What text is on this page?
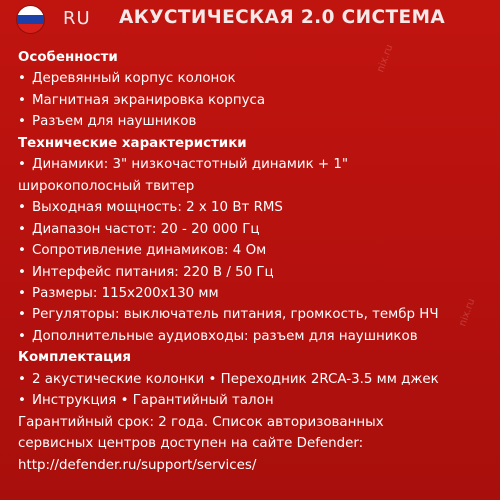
RU АКУСТИЧЕСКАЯ 2.0 СИСТЕМА
nix.ru
nix.ru
Особенности
• Деревянный корпус колонок
• Магнитная экранировка корпуса
• Разъем для наушников
Технические характеристики
• Динамики: 3" низкочастотный динамик + 1"
широкополосный твитер
• Выходная мощность: 2 х 10 Вт RMS
• Диапазон частот: 20 - 20 000 Гц
• Сопротивление динамиков: 4 Ом
• Интерфейс питания: 220 В / 50 Гц
• Размеры: 115х200х130 мм
• Регуляторы: выключатель питания, громкость, тембр НЧ
• Дополнительные аудиовходы: разъем для наушников
Комплектация
• 2 акустические колонки • Переходник 2RCA-3.5 мм джек
• Инструкция • Гарантийный талон
Гарантийный срок: 2 года. Список авторизованных
сервисных центров доступен на сайте Defender:
http://defender.ru/support/services/
